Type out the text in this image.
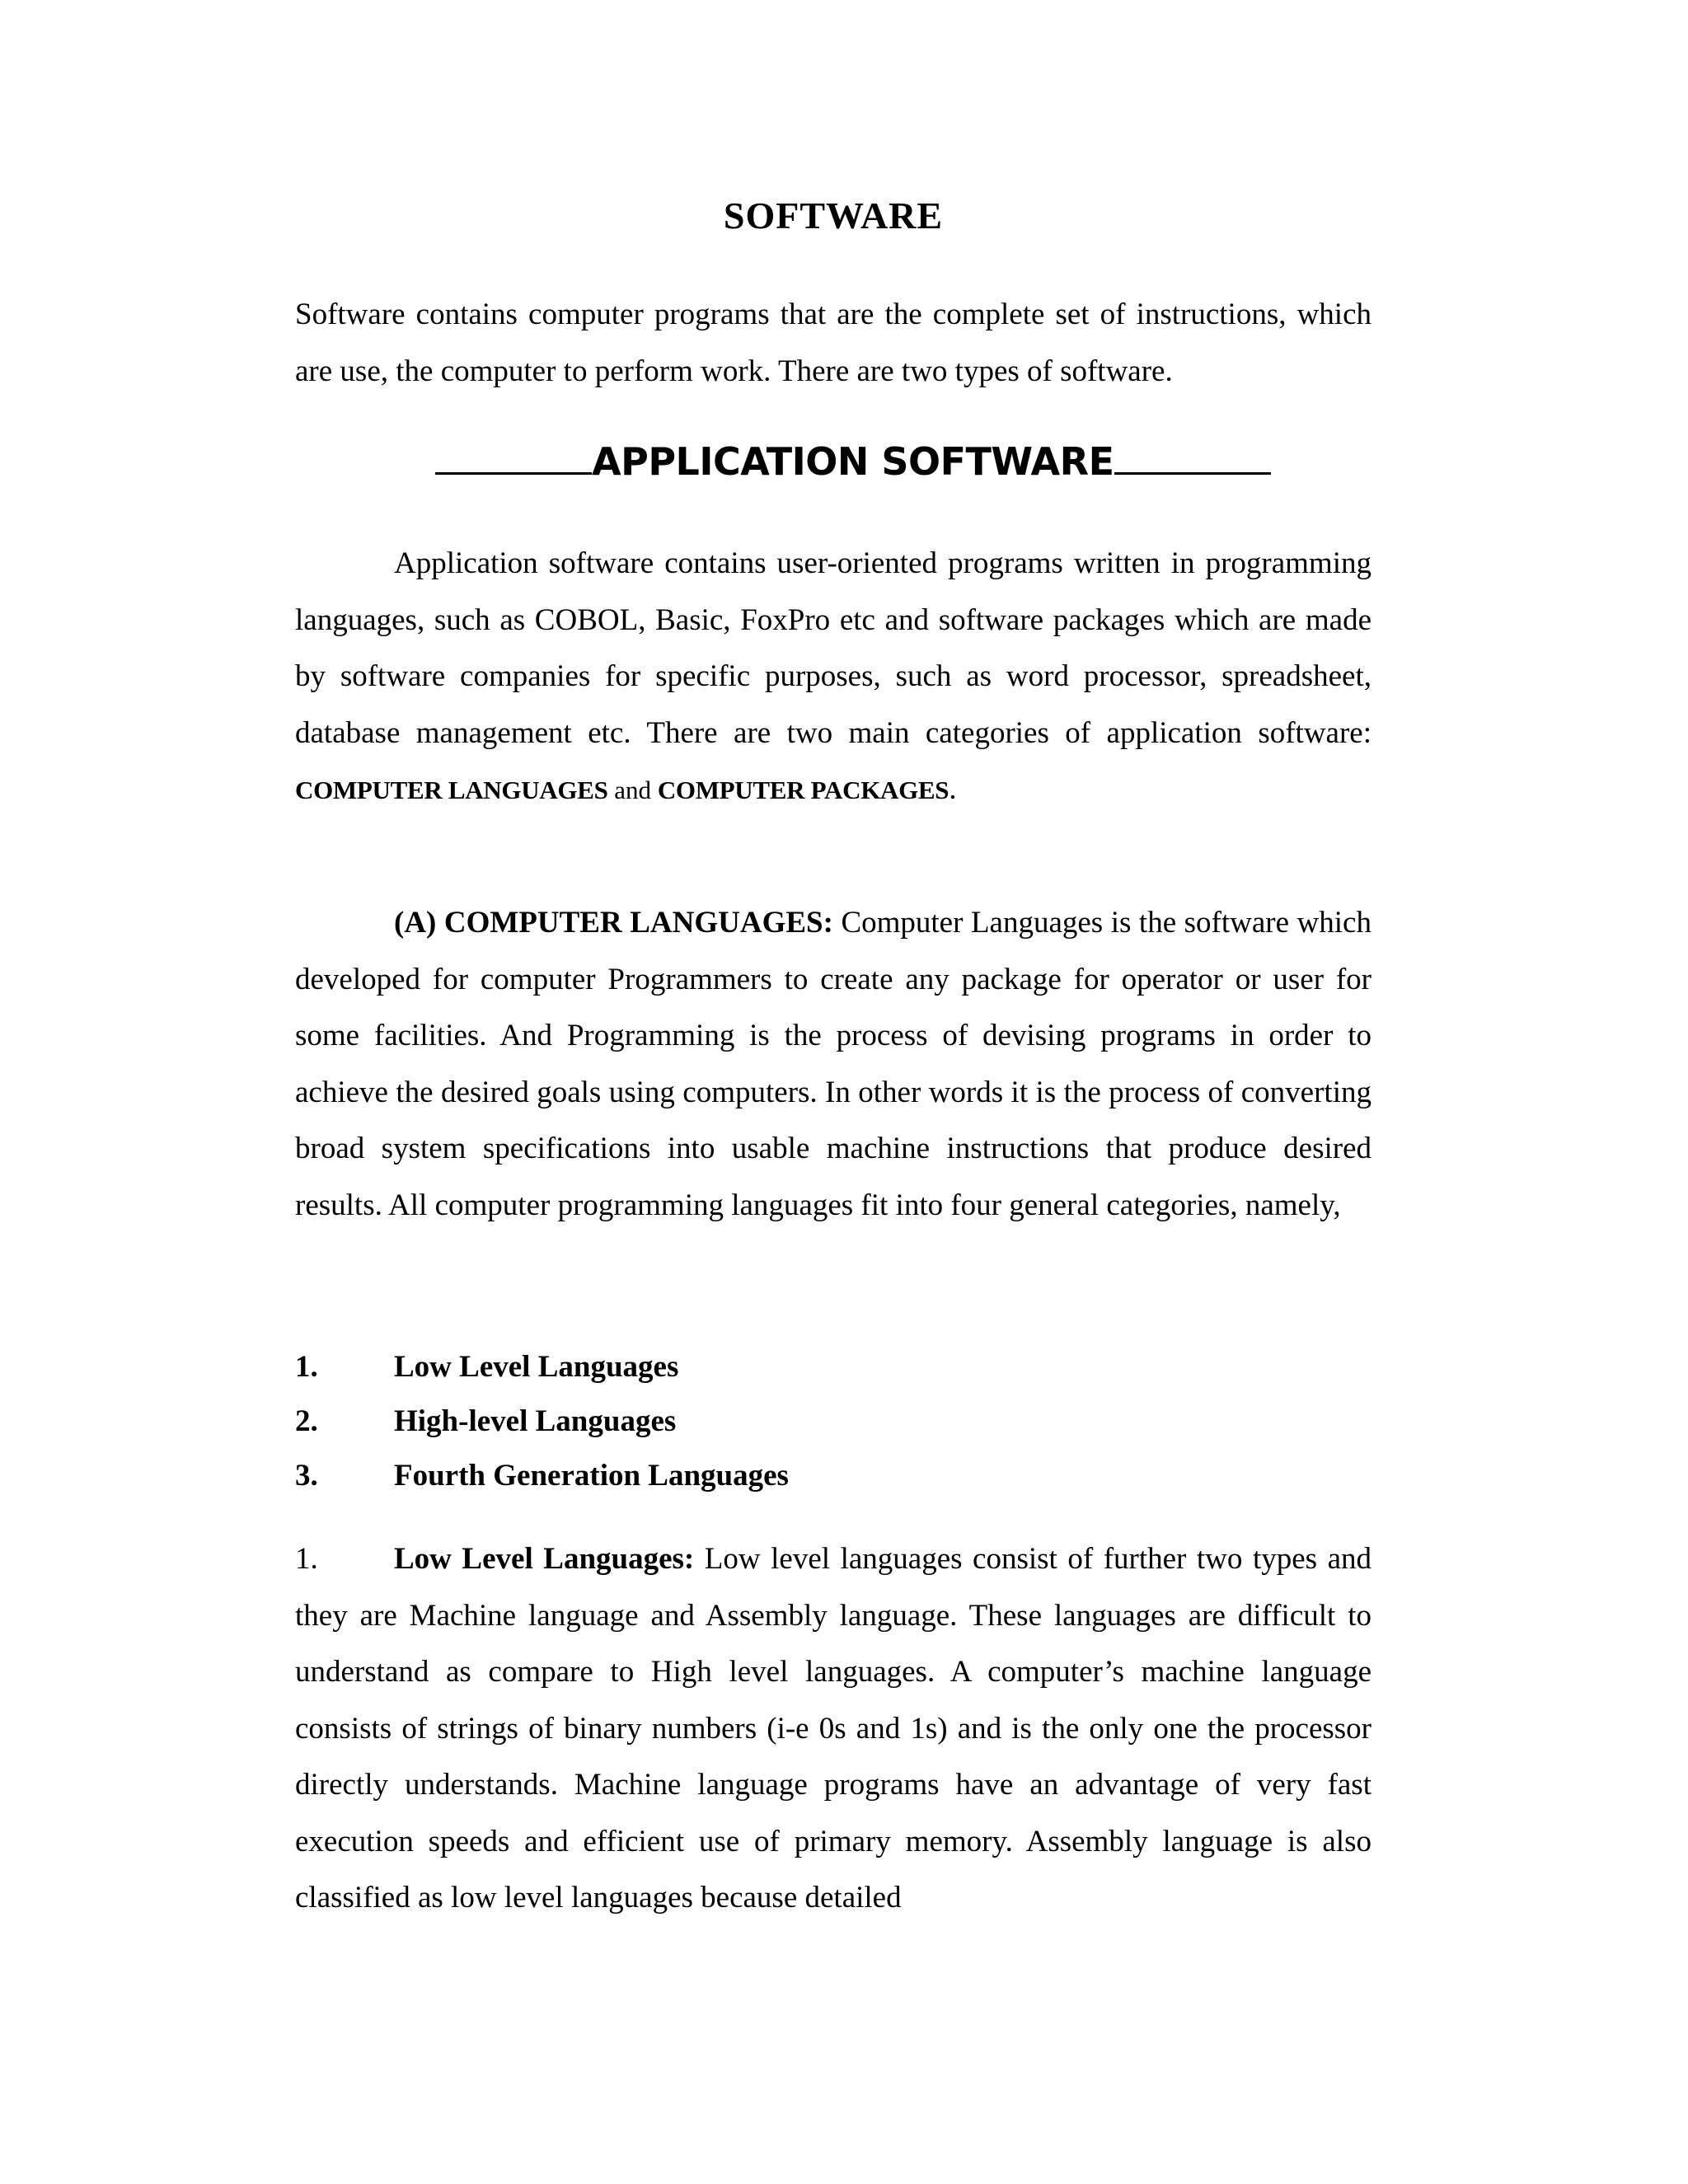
SOFTWARE

Software contains computer programs that are the complete set of instructions, which are use, the computer to perform work. There are two types of software.

APPLICATION SOFTWARE

Application software contains user-oriented programs written in programming languages, such as COBOL, Basic, FoxPro etc and software packages which are made by software companies for specific purposes, such as word processor, spreadsheet, database management etc. There are two main categories of application software: COMPUTER LANGUAGES and COMPUTER PACKAGES.

(A) COMPUTER LANGUAGES: Computer Languages is the software which developed for computer Programmers to create any package for operator or user for some facilities. And Programming is the process of devising programs in order to achieve the desired goals using computers. In other words it is the process of converting broad system specifications into usable machine instructions that produce desired results. All computer programming languages fit into four general categories, namely,

1.	Low Level Languages
2.	High-level Languages
3.	Fourth Generation Languages

1. Low Level Languages: Low level languages consist of further two types and they are Machine language and Assembly language. These languages are difficult to understand as compare to High level languages. A computer’s machine language consists of strings of binary numbers (i-e 0s and 1s) and is the only one the processor directly understands. Machine language programs have an advantage of very fast execution speeds and efficient use of primary memory. Assembly language is also classified as low level languages because detailed
